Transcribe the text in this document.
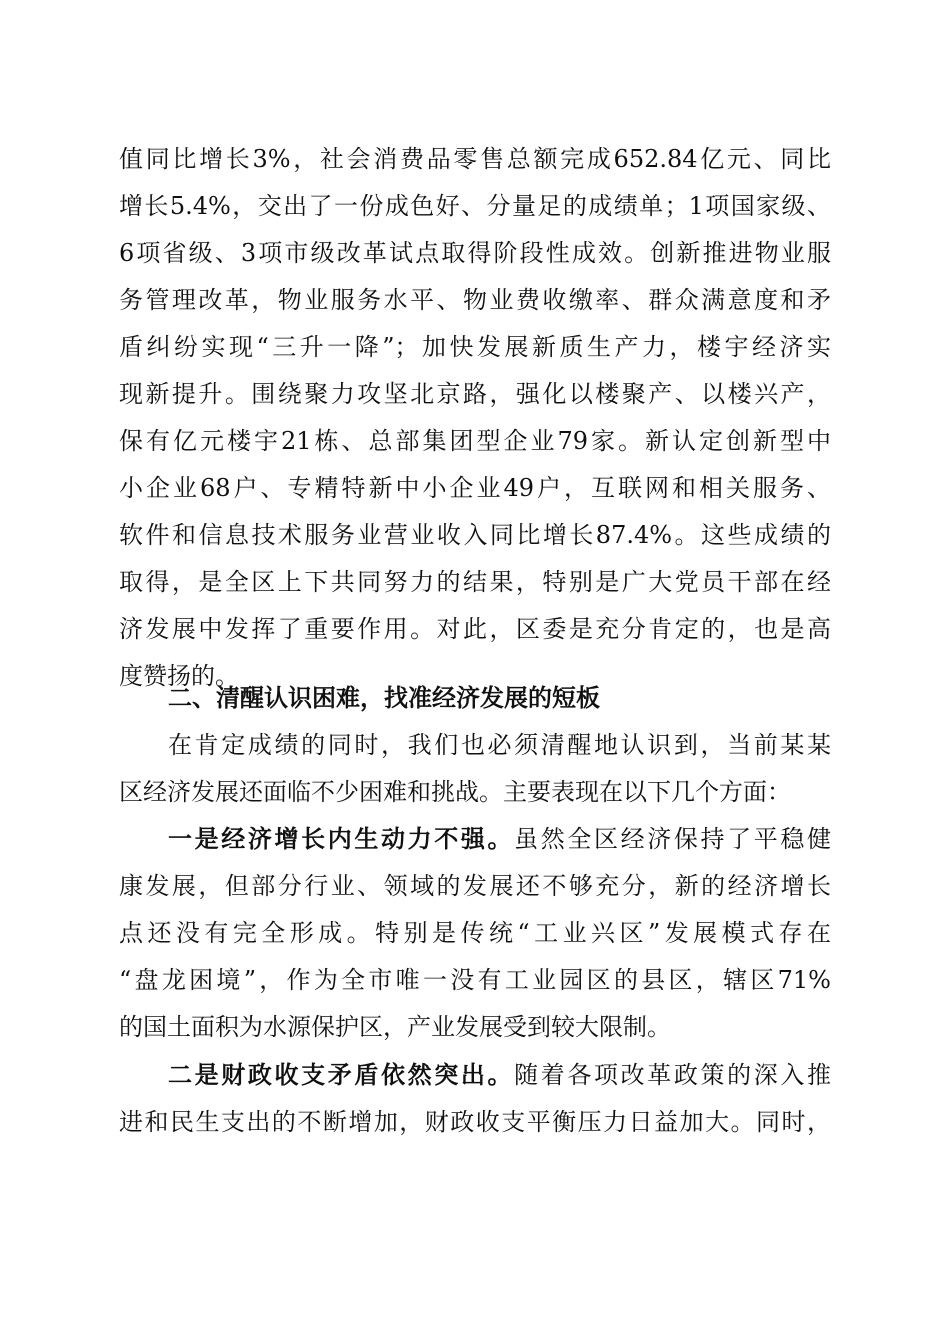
值同比增长3%，社会消费品零售总额完成652.84亿元、同比
增长5.4%，交出了一份成色好、分量足的成绩单；1项国家级、
6项省级、3项市级改革试点取得阶段性成效。创新推进物业服
务管理改革，物业服务水平、物业费收缴率、群众满意度和矛
盾纠纷实现“三升一降”；加快发展新质生产力，楼宇经济实
现新提升。围绕聚力攻坚北京路，强化以楼聚产、以楼兴产，
保有亿元楼宇21栋、总部集团型企业79家。新认定创新型中
小企业68户、专精特新中小企业49户，互联网和相关服务、
软件和信息技术服务业营业收入同比增长87.4%。这些成绩的
取得，是全区上下共同努力的结果，特别是广大党员干部在经
济发展中发挥了重要作用。对此，区委是充分肯定的，也是高
度赞扬的。
二、清醒认识困难，找准经济发展的短板
在肯定成绩的同时，我们也必须清醒地认识到，当前某某
区经济发展还面临不少困难和挑战。主要表现在以下几个方面：
一是经济增长内生动力不强。虽然全区经济保持了平稳健
康发展，但部分行业、领域的发展还不够充分，新的经济增长
点还没有完全形成。特别是传统“工业兴区”发展模式存在
“盘龙困境”，作为全市唯一没有工业园区的县区，辖区71%
的国土面积为水源保护区，产业发展受到较大限制。
二是财政收支矛盾依然突出。随着各项改革政策的深入推
进和民生支出的不断增加，财政收支平衡压力日益加大。同时，
